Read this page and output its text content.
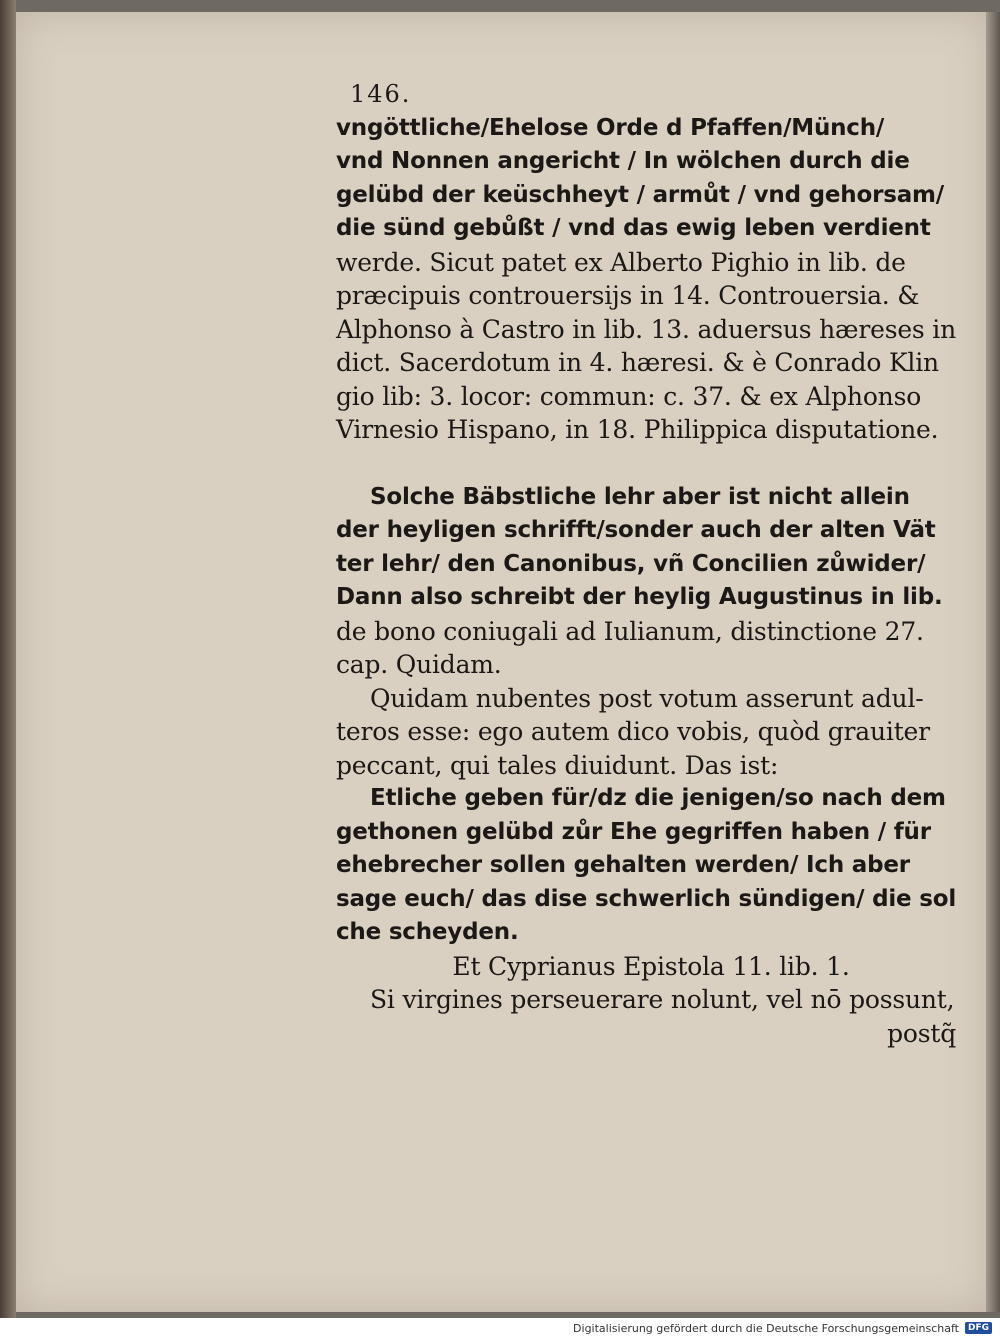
146.
vngöttliche/Ehelose Orde d Pfaffen/Münch/
vnd Nonnen angericht / In wölchen durch die
gelübd der keüschheyt / armůt / vnd gehorsam/
die sünd gebůßt / vnd das ewig leben verdient
werde. Sicut patet ex Alberto Pighio in lib. de
præcipuis controuersijs in 14. Controuersia. &
Alphonso à Castro in lib. 13. aduersus hæreses in
dict. Sacerdotum in 4. hæresi. & è Conrado Klin
gio lib: 3. locor: commun: c. 37. & ex Alphonso
Virnesio Hispano, in 18. Philippica disputatione.
Solche Bäbstliche lehr aber ist nicht allein
der heyligen schrifft/sonder auch der alten Vät
ter lehr/ den Canonibus, vñ Concilien zůwider/
Dann also schreibt der heylig Augustinus in lib.
de bono coniugali ad Iulianum, distinctione 27.
cap. Quidam.
Quidam nubentes post votum asserunt adul-
teros esse: ego autem dico vobis, quòd grauiter
peccant, qui tales diuidunt. Das ist:
Etliche geben für/dz die jenigen/so nach dem
gethonen gelübd zůr Ehe gegriffen haben / für
ehebrecher sollen gehalten werden/ Ich aber
sage euch/ das dise schwerlich sündigen/ die sol
che scheyden.
Et Cyprianus Epistola 11. lib. 1.
Si virgines perseuerare nolunt, vel nō possunt,
postq̃
Digitalisierung gefördert durch die Deutsche Forschungsgemeinschaft	DFG
